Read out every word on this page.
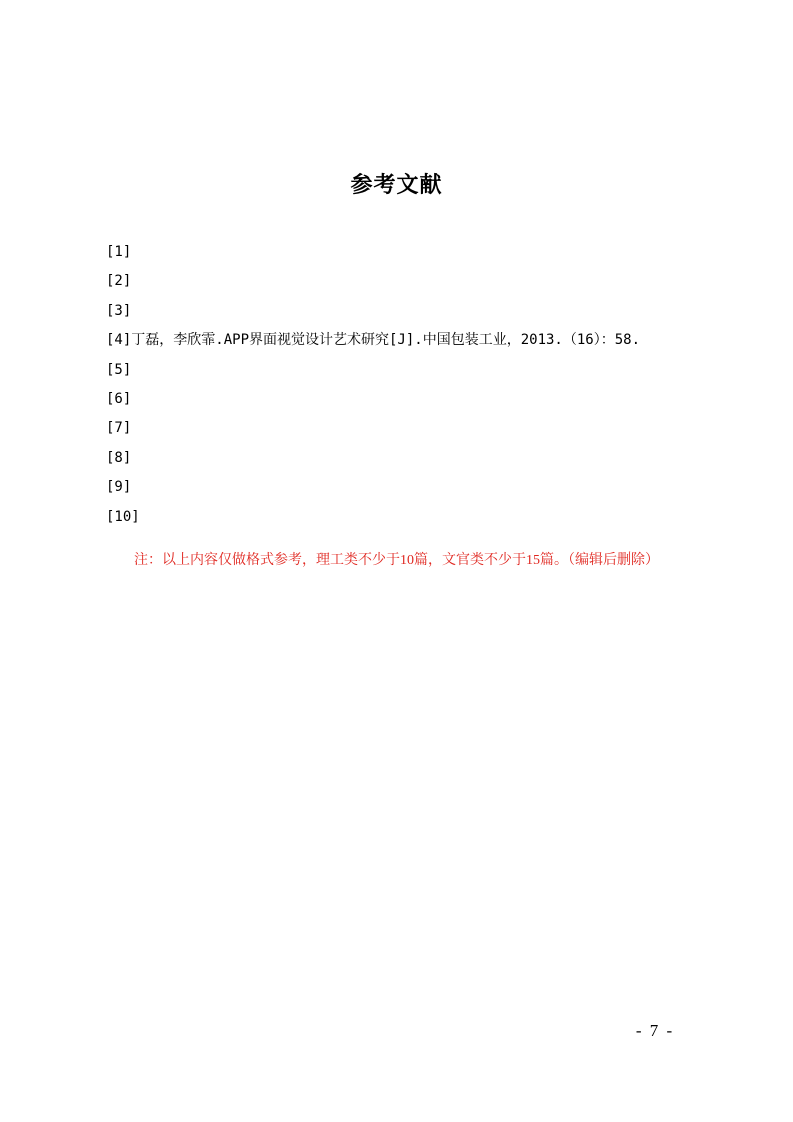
参考文献
[1]
[2]
[3]
[4]丁磊，李欣霏.APP界面视觉设计艺术研究[J].中国包装工业，2013.（16）：58.
[5]
[6]
[7]
[8]
[9]
[10]
注：以上内容仅做格式参考，理工类不少于10篇，文官类不少于15篇。（编辑后删除）
- 7 -
